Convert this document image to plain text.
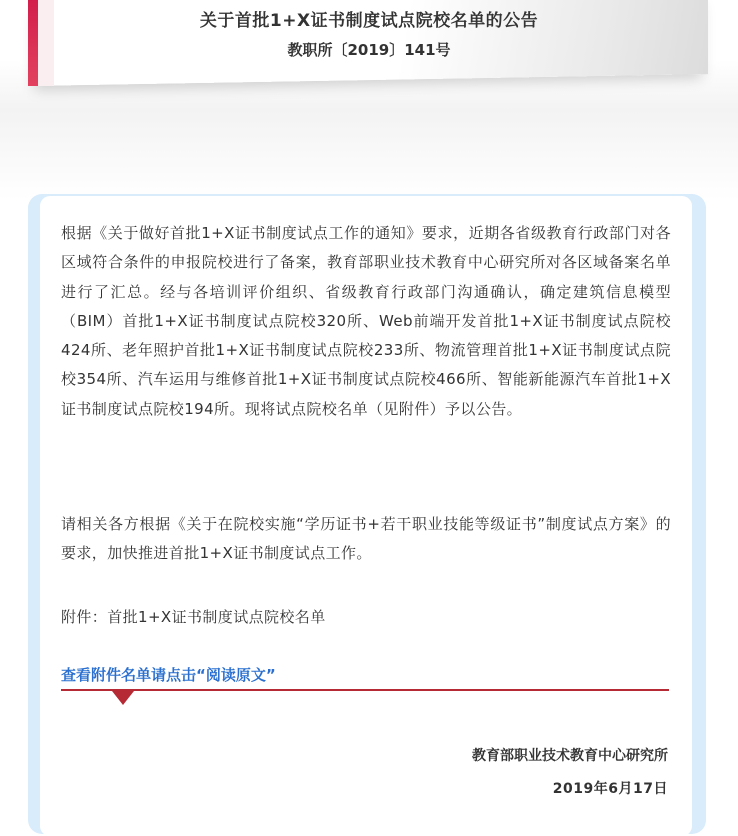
关于首批1+X证书制度试点院校名单的公告
教职所〔2019〕141号

根据《关于做好首批1+X证书制度试点工作的通知》要求，近期各省级教育行政部门对各区域符合条件的申报院校进行了备案，教育部职业技术教育中心研究所对各区域备案名单进行了汇总。经与各培训评价组织、省级教育行政部门沟通确认，确定建筑信息模型（BIM）首批1+X证书制度试点院校320所、Web前端开发首批1+X证书制度试点院校 424所、老年照护首批1+X证书制度试点院校233所、物流管理首批1+X证书制度试点院校354所、汽车运用与维修首批1+X证书制度试点院校466所、智能新能源汽车首批1+X证书制度试点院校194所。现将试点院校名单（见附件）予以公告。

请相关各方根据《关于在院校实施“学历证书+若干职业技能等级证书”制度试点方案》的要求，加快推进首批1+X证书制度试点工作。

附件：首批1+X证书制度试点院校名单

查看附件名单请点击“阅读原文”
教育部职业技术教育中心研究所
2019年6月17日
